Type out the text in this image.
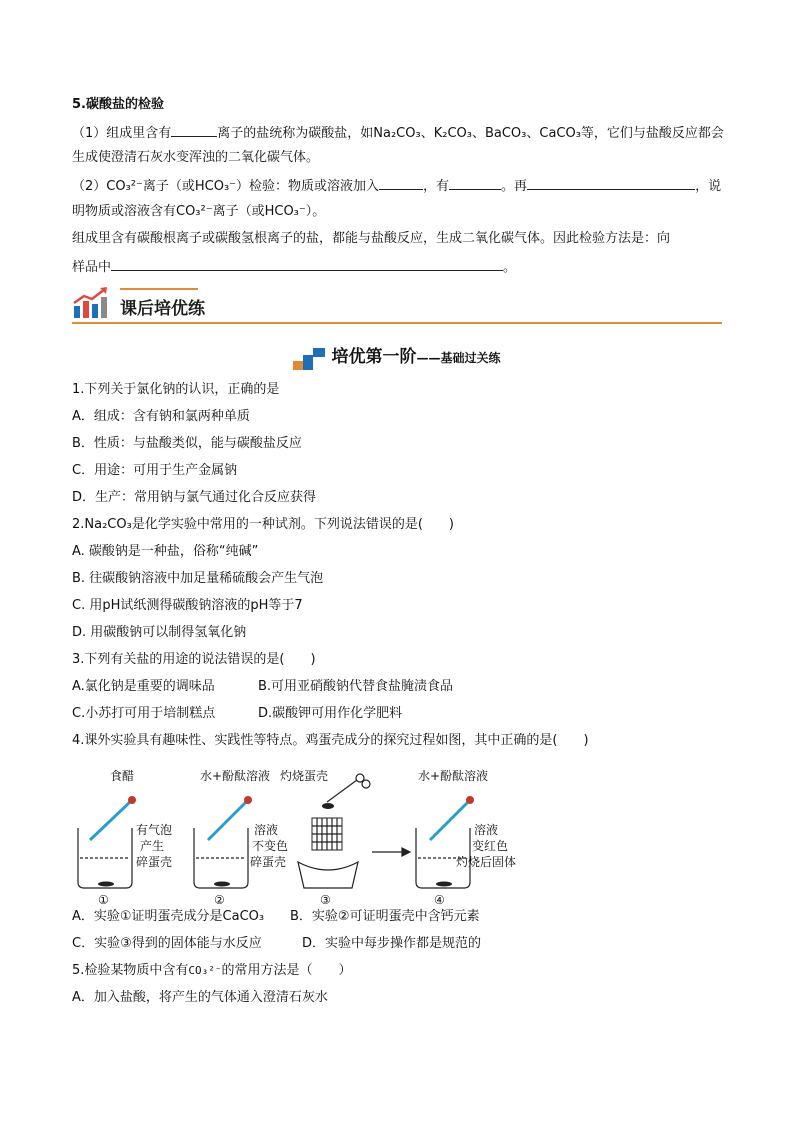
5.碳酸盐的检验
（1）组成里含有	离子的盐统称为碳酸盐，如Na₂CO₃、K₂CO₃、BaCO₃、CaCO₃等，它们与盐酸反应都会
生成使澄清石灰水变浑浊的二氧化碳气体。
（2）CO₃²⁻离子（或HCO₃⁻）检验：物质或溶液加入	，有	。再	，说
明物质或溶液含有CO₃²⁻离子（或HCO₃⁻）。
组成里含有碳酸根离子或碳酸氢根离子的盐，都能与盐酸反应，生成二氧化碳气体。因此检验方法是：向
样品中	。
课后培优练
培优第一阶——基础过关练
1.下列关于氯化钠的认识，正确的是
A．组成：含有钠和氯两种单质
B．性质：与盐酸类似，能与碳酸盐反应
C．用途：可用于生产金属钠
D．生产：常用钠与氯气通过化合反应获得
2.Na₂CO₃是化学实验中常用的一种试剂。下列说法错误的是(　　)
A. 碳酸钠是一种盐，俗称“纯碱”
B. 往碳酸钠溶液中加足量稀硫酸会产生气泡
C. 用pH试纸测得碳酸钠溶液的pH等于7
D. 用碳酸钠可以制得氢氧化钠
3.下列有关盐的用途的说法错误的是(　　)
A.氯化钠是重要的调味品	B.可用亚硝酸钠代替食盐腌渍食品
C.小苏打可用于培制糕点	D.碳酸钾可用作化学肥料
4.课外实验具有趣味性、实践性等特点。鸡蛋壳成分的探究过程如图，其中正确的是(　　)
食醋
有气泡
产生
碎蛋壳
①
水+酚酞溶液
溶液
不变色
碎蛋壳
②
灼烧蛋壳
③
水+酚酞溶液
溶液
变红色
灼烧后固体
④
A．实验①证明蛋壳成分是CaCO₃ B．实验②可证明蛋壳中含钙元素
C．实验③得到的固体能与水反应	D．实验中每步操作都是规范的
5.检验某物质中含有CO₃²⁻的常用方法是（　　）
A．加入盐酸，将产生的气体通入澄清石灰水
